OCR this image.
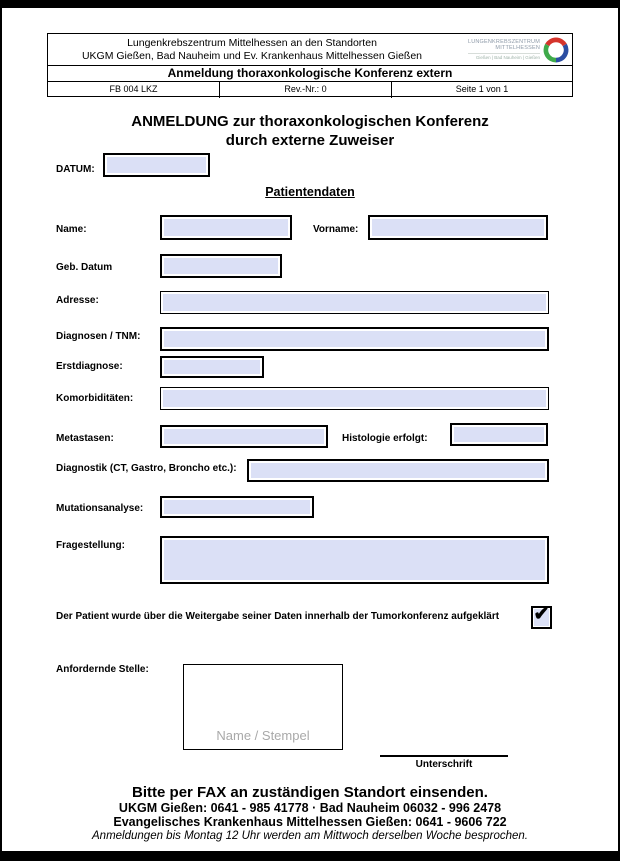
Lungenkrebszentrum Mittelhessen an den Standorten
UKGM Gießen, Bad Nauheim und Ev. Krankenhaus Mittelhessen Gießen
LUNGENKREBSZENTRUM
MITTELHESSEN
Gießen | Bad Nauheim | Gießen
Anmeldung thoraxonkologische Konferenz extern
FB 004 LKZ	Rev.-Nr.: 0	Seite 1 von 1
ANMELDUNG zur thoraxonkologischen Konferenz
durch externe Zuweiser
DATUM:
Patientendaten
Name:	Vorname:
Geb. Datum
Adresse:
Diagnosen / TNM:
Erstdiagnose:
Komorbiditäten:
Metastasen:	Histologie erfolgt:
Diagnostik (CT, Gastro, Broncho etc.):
Mutationsanalyse:
Fragestellung:
Der Patient wurde über die Weitergabe seiner Daten innerhalb der Tumorkonferenz aufgeklärt ✔
Anfordernde Stelle:
Name / Stempel
Unterschrift
Bitte per FAX an zuständigen Standort einsenden.
UKGM Gießen: 0641 - 985 41778 · Bad Nauheim 06032 - 996 2478
Evangelisches Krankenhaus Mittelhessen Gießen: 0641 - 9606 722
Anmeldungen bis Montag 12 Uhr werden am Mittwoch derselben Woche besprochen.
